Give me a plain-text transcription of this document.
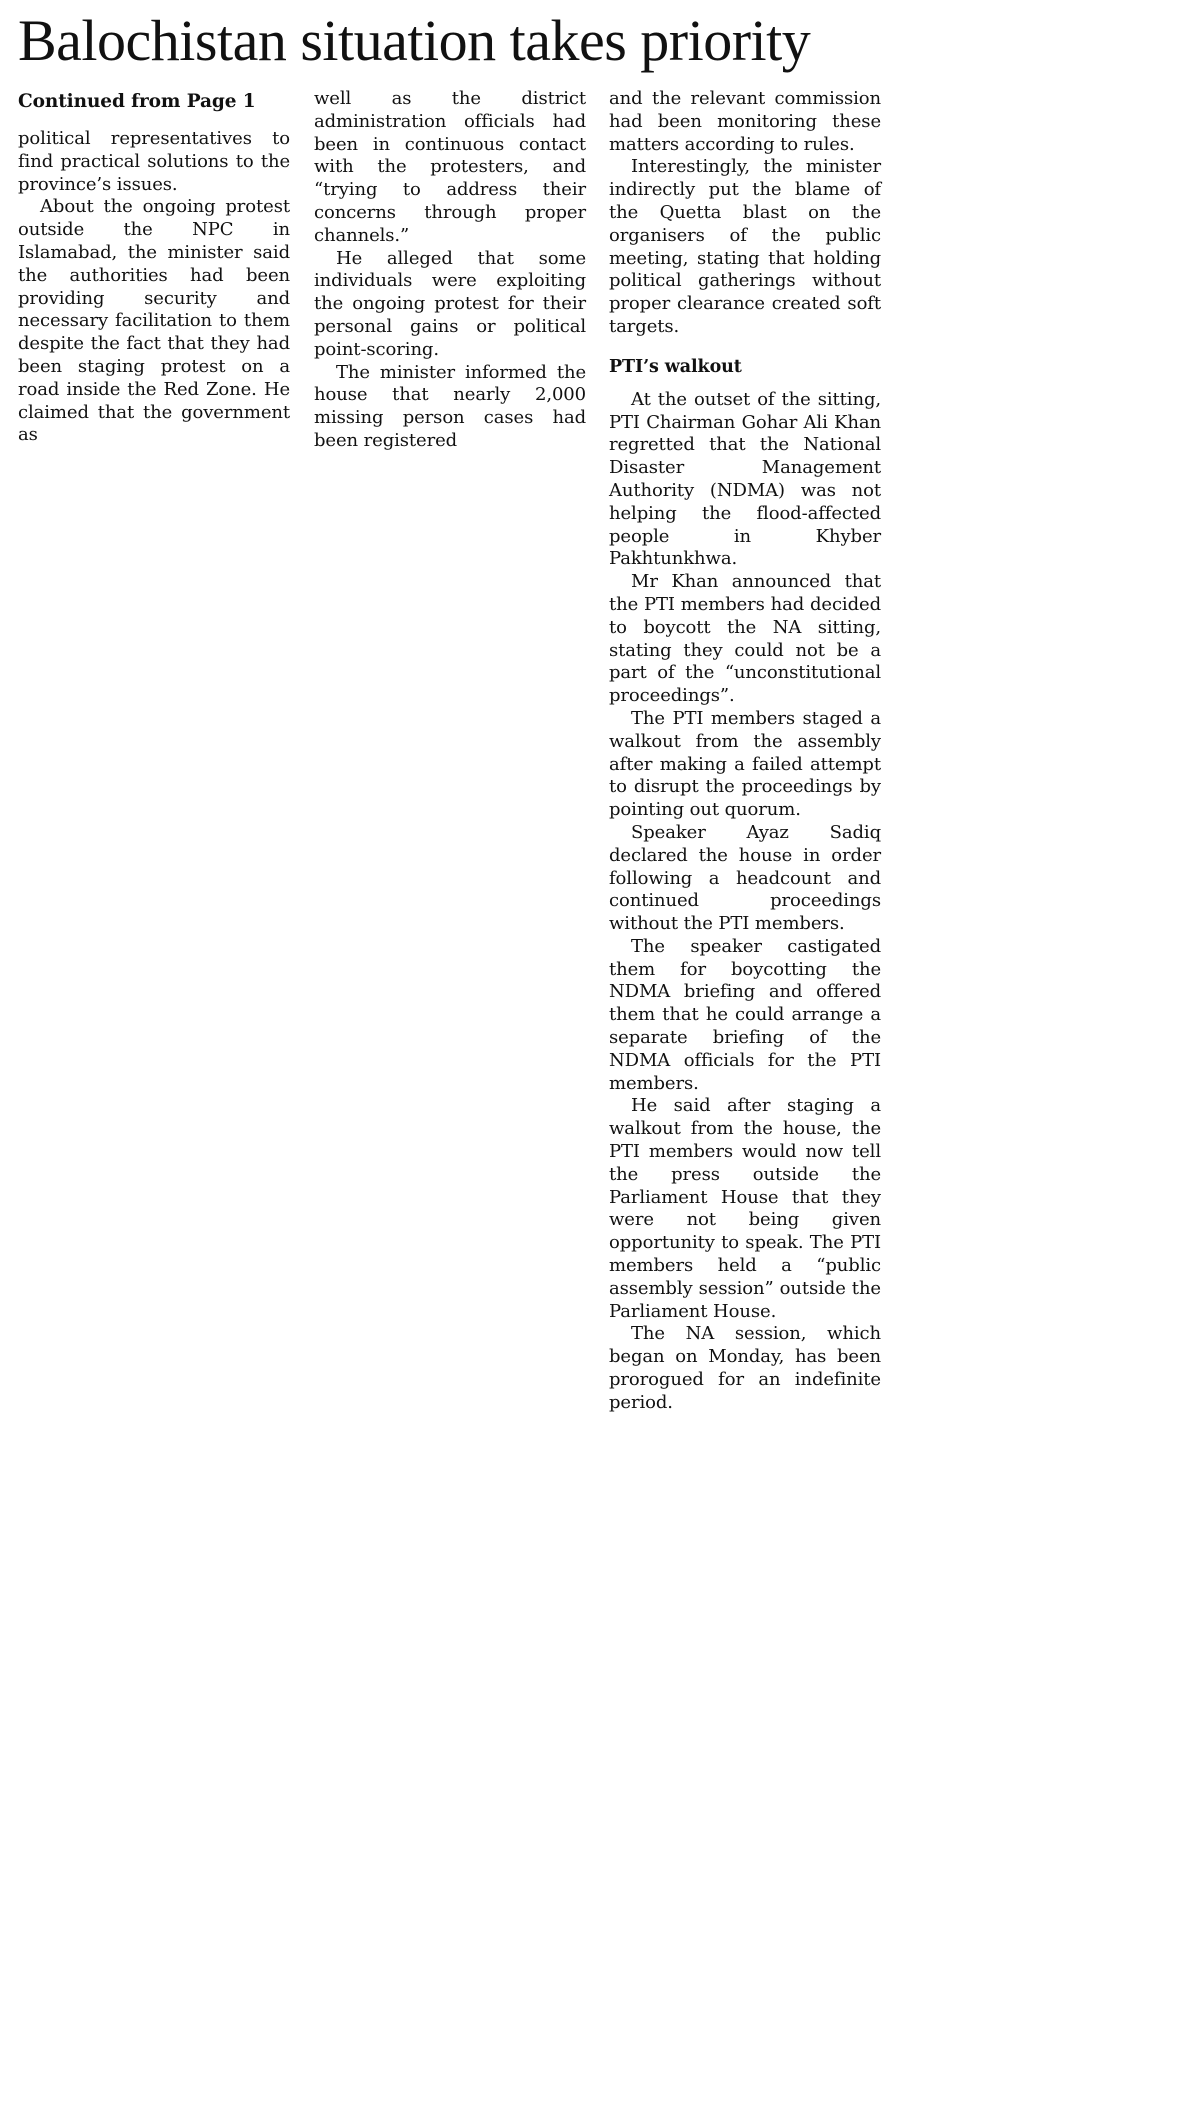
Balochistan situation takes priority
Continued from Page 1

political representatives to find practical solutions to the province’s issues.

About the ongoing protest outside the NPC in Islamabad, the minister said the authorities had been providing security and necessary facilitation to them despite the fact that they had been staging protest on a road inside the Red Zone. He claimed that the government as

well as the district administration officials had been in continuous contact with the protesters, and “trying to address their concerns through proper channels.”

He alleged that some individuals were exploiting the ongoing protest for their personal gains or political point-scoring.

The minister informed the house that nearly 2,000 missing person cases had been registered

and the relevant commission had been monitoring these matters according to rules.

Interestingly, the minister indirectly put the blame of the Quetta blast on the organisers of the public meeting, stating that holding political gatherings without proper clearance created soft targets.

PTI’s walkout

At the outset of the sitting, PTI Chairman Gohar Ali Khan regretted that the National Disaster Management Authority (NDMA) was not helping the flood-affected people in Khyber Pakhtunkhwa.

Mr Khan announced that the PTI members had decided to boycott the NA sitting, stating they could not be a part of the “unconstitutional proceedings”.

The PTI members staged a walkout from the assembly after making a failed attempt to disrupt the proceedings by pointing out quorum.

Speaker Ayaz Sadiq declared the house in order following a headcount and continued proceedings without the PTI members.

The speaker castigated them for boycotting the NDMA briefing and offered them that he could arrange a separate briefing of the NDMA officials for the PTI members.

He said after staging a walkout from the house, the PTI members would now tell the press outside the Parliament House that they were not being given opportunity to speak. The PTI members held a “public assembly session” outside the Parliament House.

The NA session, which began on Monday, has been prorogued for an indefinite period.
